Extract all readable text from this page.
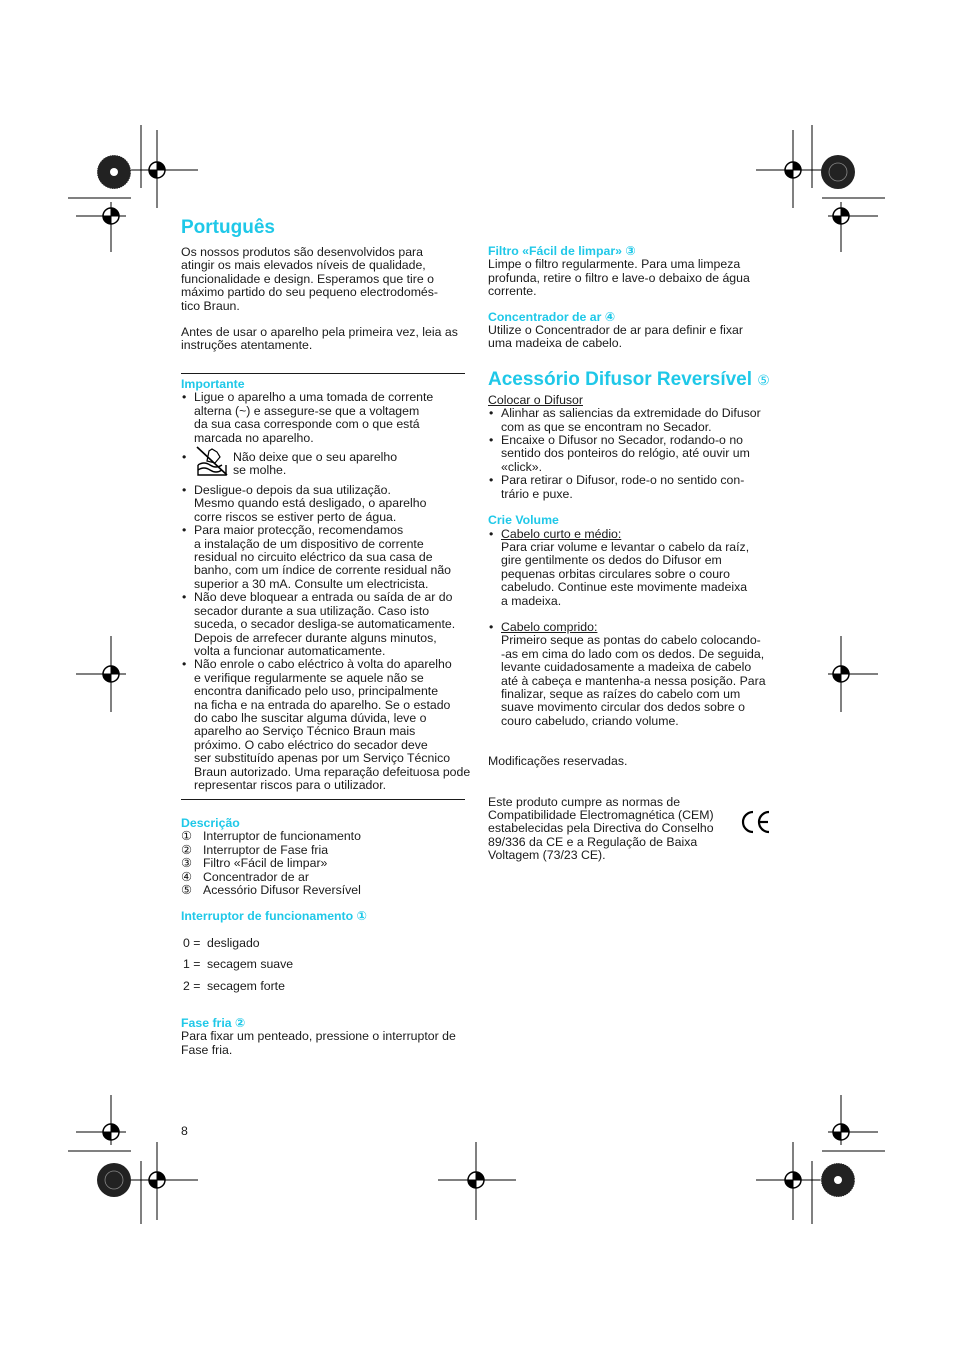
Português

Os nossos produtos são desenvolvidos para

atingir os mais elevados níveis de qualidade,

funcionalidade e design. Esperamos que tire o

máximo partido do seu pequeno electrodomés-

tico Braun.

Antes de usar o aparelho pela primeira vez, leia as

instruções atentamente.

Importante
• Ligue o aparelho a uma tomada de corrente

alterna (~) e assegure-se que a voltagem

da sua casa corresponde com o que está

marcada no aparelho.

•	Não deixe que o seu aparelho

se molhe.

• Desligue-o depois da sua utilização.

Mesmo quando está desligado, o aparelho

corre riscos se estiver perto de água.

• Para maior protecção, recomendamos

a instalação de um dispositivo de corrente

residual no circuito eléctrico da sua casa de

banho, com um índice de corrente residual não

superior a 30 mA. Consulte um electricista.

• Não deve bloquear a entrada ou saída de ar do

secador durante a sua utilização. Caso isto

suceda, o secador desliga-se automaticamente.

Depois de arrefecer durante alguns minutos,

volta a funcionar automaticamente.

• Não enrole o cabo eléctrico à volta do aparelho

e verifique regularmente se aquele não se

encontra danificado pelo uso, principalmente

na ficha e na entrada do aparelho. Se o estado

do cabo lhe suscitar alguma dúvida, leve o

aparelho ao Serviço Técnico Braun mais

próximo. O cabo eléctrico do secador deve

ser substituído apenas por um Serviço Técnico

Braun autorizado. Uma reparação defeituosa pode

representar riscos para o utilizador.

Descrição
① Interruptor de funcionamento
② Interruptor de Fase fria
③ Filtro «Fácil de limpar»
④ Concentrador de ar
⑤ Acessório Difusor Reversível
Interruptor de funcionamento ①
0 = desligado
1 = secagem suave
2 = secagem forte
Fase fria ②

Para fixar um penteado, pressione o interruptor de

Fase fria.

8
Filtro «Fácil de limpar» ③

Limpe o filtro regularmente. Para uma limpeza

profunda, retire o filtro e lave-o debaixo de água

corrente.

Concentrador de ar ④

Utilize o Concentrador de ar para definir e fixar

uma madeixa de cabelo.

Acessório Difusor Reversível ⑤
Colocar o Difusor
• Alinhar as saliencias da extremidade do Difusor

com as que se encontram no Secador.

• Encaixe o Difusor no Secador, rodando-o no

sentido dos ponteiros do relógio, até ouvir um

«click».

• Para retirar o Difusor, rode-o no sentido con-

trário e puxe.

Crie Volume
• Cabelo curto e médio:

Para criar volume e levantar o cabelo da raíz,

gire gentilmente os dedos do Difusor em

pequenas orbitas circulares sobre o couro

cabeludo. Continue este movimente madeixa

a madeixa.

• Cabelo comprido:

Primeiro seque as pontas do cabelo colocando-

-as em cima do lado com os dedos. De seguida,

levante cuidadosamente a madeixa de cabelo

até à cabeça e mantenha-a nessa posição. Para

finalizar, seque as raízes do cabelo com um

suave movimento circular dos dedos sobre o

couro cabeludo, criando volume.

Modificações reservadas.

Este produto cumpre as normas de

Compatibilidade Electromagnética (CEM)

estabelecidas pela Directiva do Conselho

89/336 da CE e a Regulação de Baixa

Voltagem (73/23 CE).
